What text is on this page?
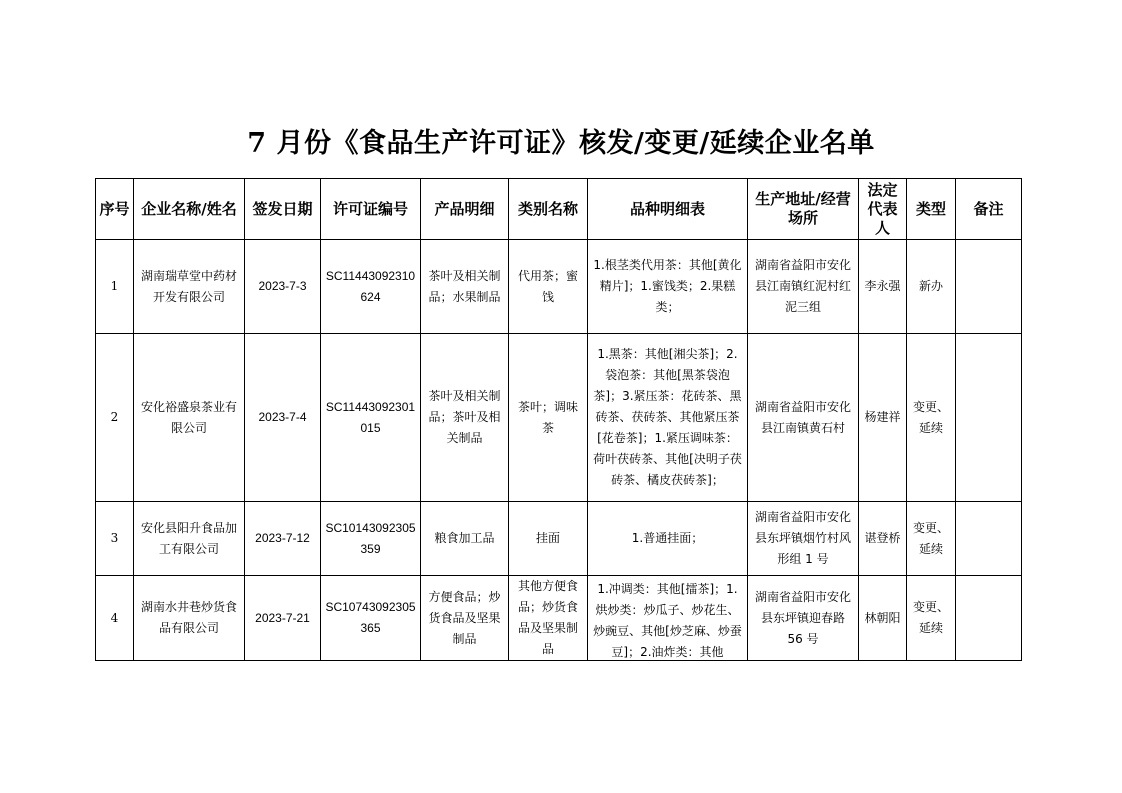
7 月份《食品生产许可证》核发/变更/延续企业名单
序号	企业名称/姓名	签发日期	许可证编号	产品明细	类别名称	品种明细表	生产地址/经营场所	法定代表人	类型	备注
1	湖南瑞草堂中药材开发有限公司	2023-7-3	SC11443092310624	茶叶及相关制品；水果制品	代用茶；蜜饯	1.根茎类代用茶：其他[黄化精片]；1.蜜饯类；2.果糕类；	湖南省益阳市安化县江南镇红泥村红泥三组	李永强	新办	
2	安化裕盛泉茶业有限公司	2023-7-4	SC11443092301015	茶叶及相关制品；茶叶及相关制品	茶叶；调味茶	1.黑茶：其他[湘尖茶]；2.袋泡茶：其他[黑茶袋泡茶]；3.紧压茶：花砖茶、黑砖茶、茯砖茶、其他紧压茶[花卷茶]；1.紧压调味茶：荷叶茯砖茶、其他[决明子茯砖茶、橘皮茯砖茶]；	湖南省益阳市安化县江南镇黄石村	杨建祥	变更、延续	
3	安化县阳升食品加工有限公司	2023-7-12	SC10143092305359	粮食加工品	挂面	1.普通挂面；	湖南省益阳市安化县东坪镇烟竹村风形组 1 号	谌登桥	变更、延续	
4	湖南水井巷炒货食品有限公司	2023-7-21	SC10743092305365	方便食品；炒货食品及坚果制品	其他方便食品；炒货食品及坚果制品	1.冲调类：其他[擂茶]；1.烘炒类：炒瓜子、炒花生、炒豌豆、其他[炒芝麻、炒蚕豆]；2.油炸类：其他	湖南省益阳市安化县东坪镇迎春路 56 号	林朝阳	变更、延续	
